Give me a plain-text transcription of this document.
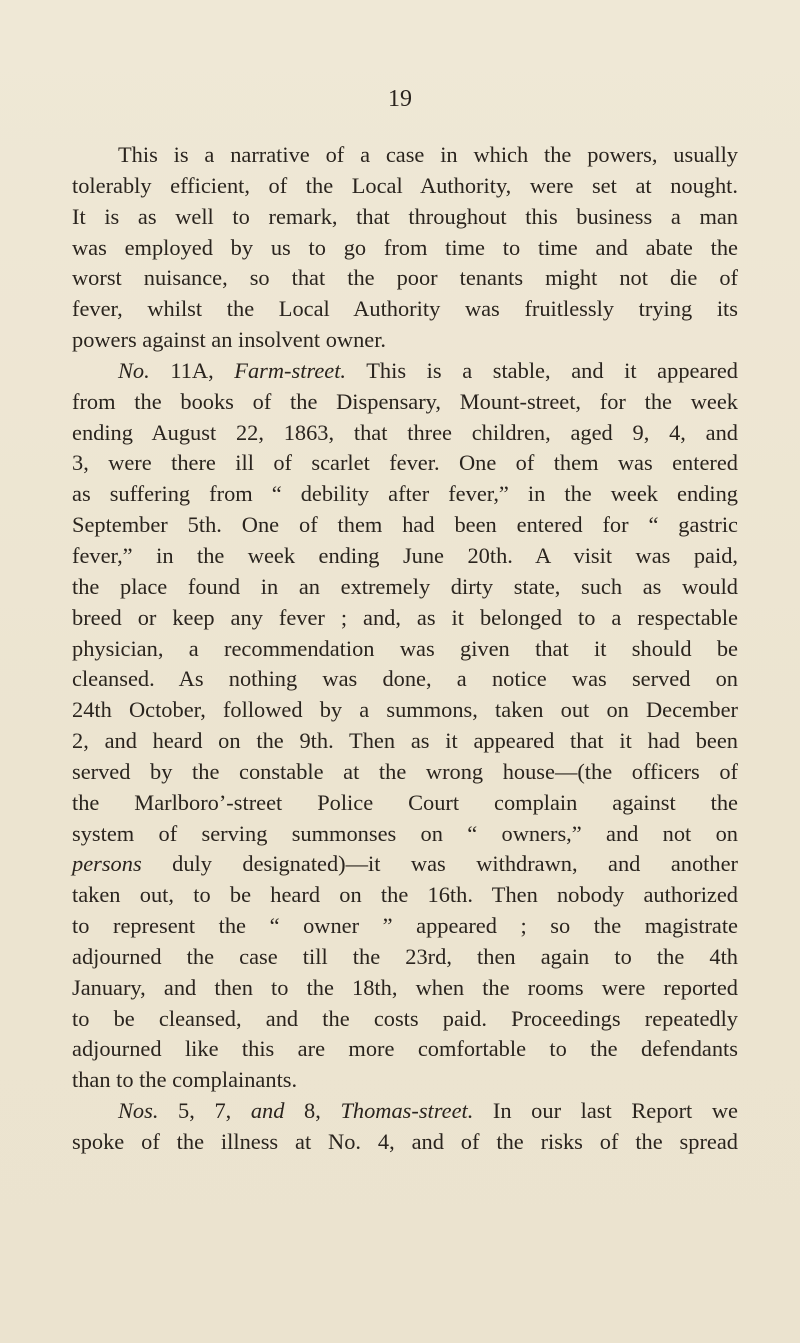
19

This is a narrative of a case in which the powers, usually
tolerably efficient, of the Local Authority, were set at nought.
It is as well to remark, that throughout this business a man
was employed by us to go from time to time and abate the
worst nuisance, so that the poor tenants might not die of
fever, whilst the Local Authority was fruitlessly trying its
powers against an insolvent owner.
No. 11A, Farm-street. This is a stable, and it appeared
from the books of the Dispensary, Mount-street, for the week
ending August 22, 1863, that three children, aged 9, 4, and
3, were there ill of scarlet fever. One of them was entered
as suffering from “ debility after fever,” in the week ending
September 5th. One of them had been entered for “ gastric
fever,” in the week ending June 20th. A visit was paid,
the place found in an extremely dirty state, such as would
breed or keep any fever ; and, as it belonged to a respectable
physician, a recommendation was given that it should be
cleansed. As nothing was done, a notice was served on
24th October, followed by a summons, taken out on December
2, and heard on the 9th. Then as it appeared that it had been
served by the constable at the wrong house—(the officers of
the Marlboro’-street Police Court complain against the
system of serving summonses on “ owners,” and not on
persons duly designated)—it was withdrawn, and another
taken out, to be heard on the 16th. Then nobody authorized
to represent the “ owner ” appeared ; so the magistrate
adjourned the case till the 23rd, then again to the 4th
January, and then to the 18th, when the rooms were reported
to be cleansed, and the costs paid. Proceedings repeatedly
adjourned like this are more comfortable to the defendants
than to the complainants.
Nos. 5, 7, and 8, Thomas-street. In our last Report we
spoke of the illness at No. 4, and of the risks of the spread
